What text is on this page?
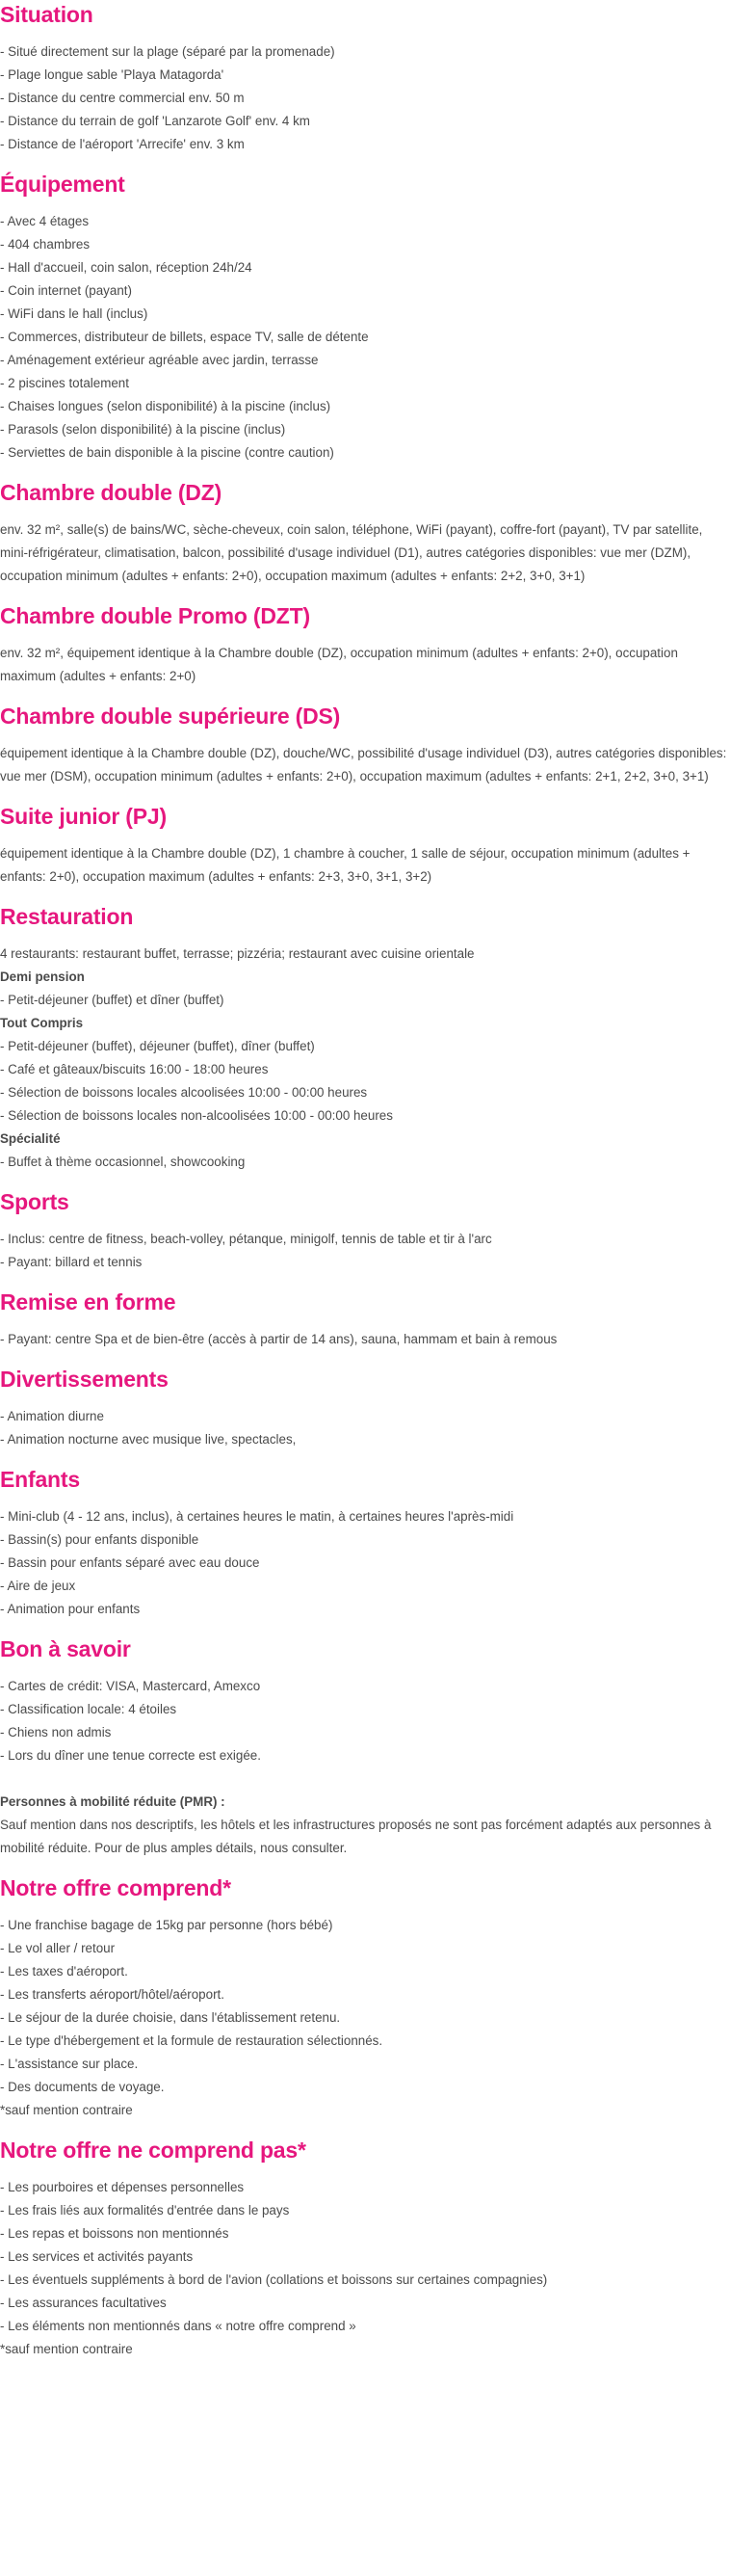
Situation
- Situé directement sur la plage (séparé par la promenade)
- Plage longue sable 'Playa Matagorda'
- Distance du centre commercial env. 50 m
- Distance du terrain de golf 'Lanzarote Golf' env. 4 km
- Distance de l'aéroport 'Arrecife' env. 3 km
Équipement
- Avec 4 étages
- 404 chambres
- Hall d'accueil, coin salon, réception 24h/24
- Coin internet (payant)
- WiFi dans le hall (inclus)
- Commerces, distributeur de billets, espace TV, salle de détente
- Aménagement extérieur agréable avec jardin, terrasse
- 2 piscines totalement
- Chaises longues (selon disponibilité) à la piscine (inclus)
- Parasols (selon disponibilité) à la piscine (inclus)
- Serviettes de bain disponible à la piscine (contre caution)
Chambre double (DZ)

env. 32 m², salle(s) de bains/WC, sèche-cheveux, coin salon, téléphone, WiFi (payant), coffre-fort (payant), TV par satellite, mini-réfrigérateur, climatisation, balcon, possibilité d'usage individuel (D1), autres catégories disponibles: vue mer (DZM), occupation minimum (adultes + enfants: 2+0), occupation maximum (adultes + enfants: 2+2, 3+0, 3+1)

Chambre double Promo (DZT)

env. 32 m², équipement identique à la Chambre double (DZ), occupation minimum (adultes + enfants: 2+0), occupation maximum (adultes + enfants: 2+0)

Chambre double supérieure (DS)

équipement identique à la Chambre double (DZ), douche/WC, possibilité d'usage individuel (D3), autres catégories disponibles: vue mer (DSM), occupation minimum (adultes + enfants: 2+0), occupation maximum (adultes + enfants: 2+1, 2+2, 3+0, 3+1)

Suite junior (PJ)

équipement identique à la Chambre double (DZ), 1 chambre à coucher, 1 salle de séjour, occupation minimum (adultes + enfants: 2+0), occupation maximum (adultes + enfants: 2+3, 3+0, 3+1, 3+2)

Restauration
4 restaurants: restaurant buffet, terrasse; pizzéria; restaurant avec cuisine orientale
Demi pension
- Petit-déjeuner (buffet) et dîner (buffet)
Tout Compris
- Petit-déjeuner (buffet), déjeuner (buffet), dîner (buffet)
- Café et gâteaux/biscuits 16:00 - 18:00 heures
- Sélection de boissons locales alcoolisées 10:00 - 00:00 heures
- Sélection de boissons locales non-alcoolisées 10:00 - 00:00 heures
Spécialité
- Buffet à thème occasionnel, showcooking
Sports
- Inclus: centre de fitness, beach-volley, pétanque, minigolf, tennis de table et tir à l'arc
- Payant: billard et tennis
Remise en forme
- Payant: centre Spa et de bien-être (accès à partir de 14 ans), sauna, hammam et bain à remous
Divertissements
- Animation diurne
- Animation nocturne avec musique live, spectacles,
Enfants
- Mini-club (4 - 12 ans, inclus), à certaines heures le matin, à certaines heures l'après-midi
- Bassin(s) pour enfants disponible
- Bassin pour enfants séparé avec eau douce
- Aire de jeux
- Animation pour enfants
Bon à savoir
- Cartes de crédit: VISA, Mastercard, Amexco
- Classification locale: 4 étoiles
- Chiens non admis
- Lors du dîner une tenue correcte est exigée.
Personnes à mobilité réduite (PMR) :
Sauf mention dans nos descriptifs, les hôtels et les infrastructures proposés ne sont pas forcément adaptés aux personnes à mobilité réduite. Pour de plus amples détails, nous consulter.
Notre offre comprend*
- Une franchise bagage de 15kg par personne (hors bébé)
- Le vol aller / retour
- Les taxes d'aéroport.
- Les transferts aéroport/hôtel/aéroport.
- Le séjour de la durée choisie, dans l'établissement retenu.
- Le type d'hébergement et la formule de restauration sélectionnés.
- L'assistance sur place.
- Des documents de voyage.
*sauf mention contraire
Notre offre ne comprend pas*
- Les pourboires et dépenses personnelles
- Les frais liés aux formalités d'entrée dans le pays
- Les repas et boissons non mentionnés
- Les services et activités payants
- Les éventuels suppléments à bord de l'avion (collations et boissons sur certaines compagnies)
- Les assurances facultatives
- Les éléments non mentionnés dans « notre offre comprend »
*sauf mention contraire
